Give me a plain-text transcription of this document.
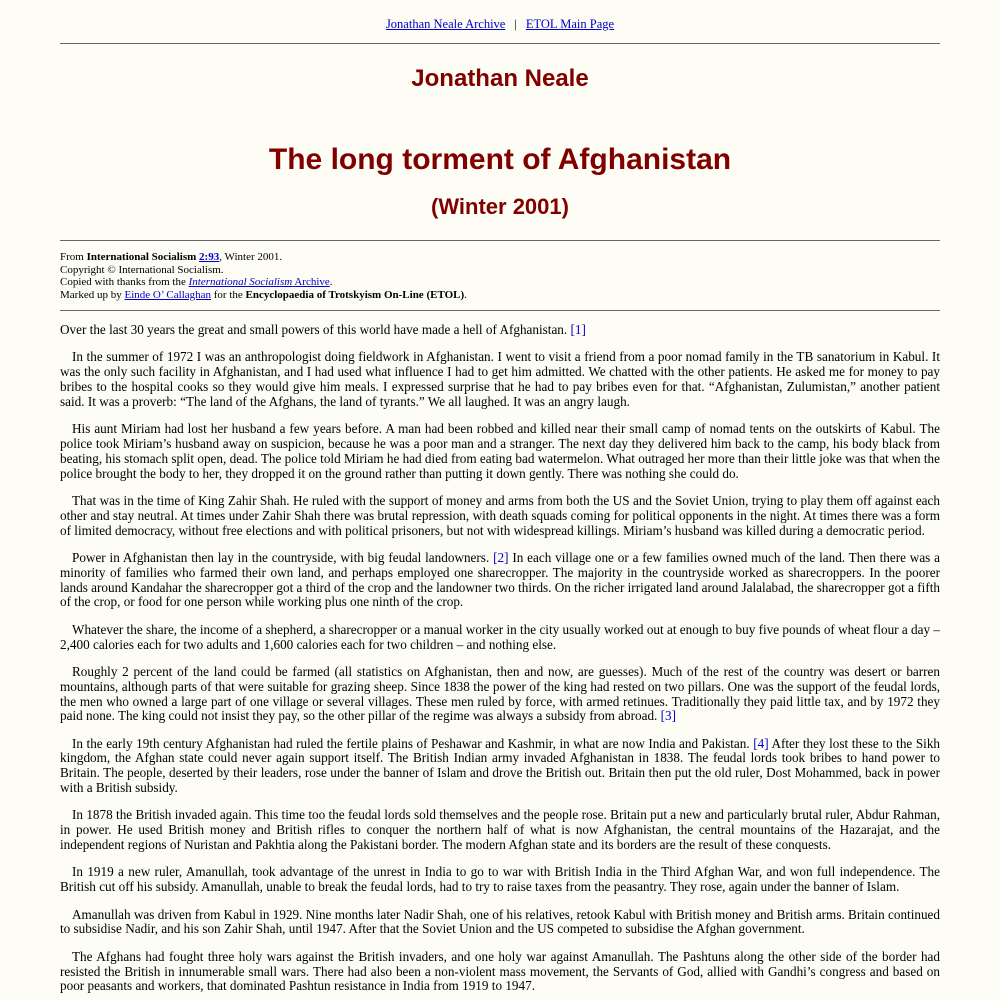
Jonathan Neale Archive | ETOL Main Page
Jonathan Neale
The long torment of Afghanistan
(Winter 2001)
From International Socialism 2:93, Winter 2001.
Copyright © International Socialism.
Copied with thanks from the International Socialism Archive.
Marked up by Einde O’ Callaghan for the Encyclopaedia of Trotskyism On-Line (ETOL).

Over the last 30 years the great and small powers of this world have made a hell of Afghanistan. [1]

In the summer of 1972 I was an anthropologist doing fieldwork in Afghanistan. I went to visit a friend from a poor nomad family in the TB sanatorium in Kabul. It was the only such facility in Afghanistan, and I had used what influence I had to get him admitted. We chatted with the other patients. He asked me for money to pay bribes to the hospital cooks so they would give him meals. I expressed surprise that he had to pay bribes even for that. “Afghanistan, Zulumistan,” another patient said. It was a proverb: “The land of the Afghans, the land of tyrants.” We all laughed. It was an angry laugh.

His aunt Miriam had lost her husband a few years before. A man had been robbed and killed near their small camp of nomad tents on the outskirts of Kabul. The police took Miriam’s husband away on suspicion, because he was a poor man and a stranger. The next day they delivered him back to the camp, his body black from beating, his stomach split open, dead. The police told Miriam he had died from eating bad watermelon. What outraged her more than their little joke was that when the police brought the body to her, they dropped it on the ground rather than putting it down gently. There was nothing she could do.

That was in the time of King Zahir Shah. He ruled with the support of money and arms from both the US and the Soviet Union, trying to play them off against each other and stay neutral. At times under Zahir Shah there was brutal repression, with death squads coming for political opponents in the night. At times there was a form of limited democracy, without free elections and with political prisoners, but not with widespread killings. Miriam’s husband was killed during a democratic period.

Power in Afghanistan then lay in the countryside, with big feudal landowners. [2] In each village one or a few families owned much of the land. Then there was a minority of families who farmed their own land, and perhaps employed one sharecropper. The majority in the countryside worked as sharecroppers. In the poorer lands around Kandahar the sharecropper got a third of the crop and the landowner two thirds. On the richer irrigated land around Jalalabad, the sharecropper got a fifth of the crop, or food for one person while working plus one ninth of the crop.

Whatever the share, the income of a shepherd, a sharecropper or a manual worker in the city usually worked out at enough to buy five pounds of wheat flour a day – 2,400 calories each for two adults and 1,600 calories each for two children – and nothing else.

Roughly 2 percent of the land could be farmed (all statistics on Afghanistan, then and now, are guesses). Much of the rest of the country was desert or barren mountains, although parts of that were suitable for grazing sheep. Since 1838 the power of the king had rested on two pillars. One was the support of the feudal lords, the men who owned a large part of one village or several villages. These men ruled by force, with armed retinues. Traditionally they paid little tax, and by 1972 they paid none. The king could not insist they pay, so the other pillar of the regime was always a subsidy from abroad. [3]

In the early 19th century Afghanistan had ruled the fertile plains of Peshawar and Kashmir, in what are now India and Pakistan. [4] After they lost these to the Sikh kingdom, the Afghan state could never again support itself. The British Indian army invaded Afghanistan in 1838. The feudal lords took bribes to hand power to Britain. The people, deserted by their leaders, rose under the banner of Islam and drove the British out. Britain then put the old ruler, Dost Mohammed, back in power with a British subsidy.

In 1878 the British invaded again. This time too the feudal lords sold themselves and the people rose. Britain put a new and particularly brutal ruler, Abdur Rahman, in power. He used British money and British rifles to conquer the northern half of what is now Afghanistan, the central mountains of the Hazarajat, and the independent regions of Nuristan and Pakhtia along the Pakistani border. The modern Afghan state and its borders are the result of these conquests.

In 1919 a new ruler, Amanullah, took advantage of the unrest in India to go to war with British India in the Third Afghan War, and won full independence. The British cut off his subsidy. Amanullah, unable to break the feudal lords, had to try to raise taxes from the peasantry. They rose, again under the banner of Islam.

Amanullah was driven from Kabul in 1929. Nine months later Nadir Shah, one of his relatives, retook Kabul with British money and British arms. Britain continued to subsidise Nadir, and his son Zahir Shah, until 1947. After that the Soviet Union and the US competed to subsidise the Afghan government.

The Afghans had fought three holy wars against the British invaders, and one holy war against Amanullah. The Pashtuns along the other side of the border had resisted the British in innumerable small wars. There had also been a non-violent mass movement, the Servants of God, allied with Gandhi’s congress and based on poor peasants and workers, that dominated Pashtun resistance in India from 1919 to 1947.
